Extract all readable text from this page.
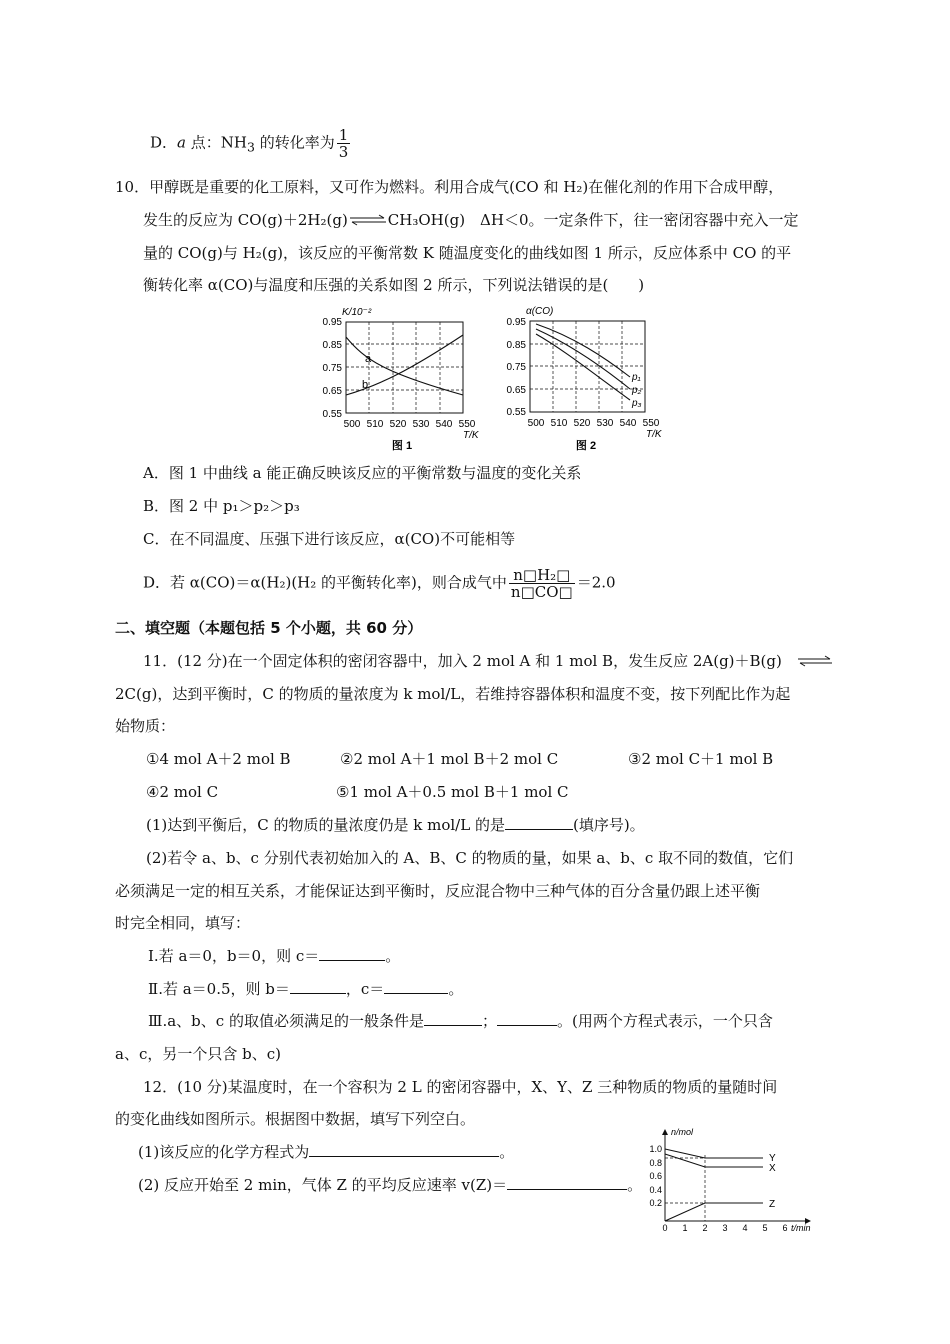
D．a 点：$NH_3$ 的转化率为 $\frac{1}{3}$
10．甲醇既是重要的化工原料，又可作为燃料。利用合成气(CO 和 H₂)在催化剂的作用下合成甲醇，
发生的反应为 CO(g)＋2H₂(g)⇌CH₃OH(g)　ΔH＜0。一定条件下，往一密闭容器中充入一定
量的 CO(g)与 H₂(g)，该反应的平衡常数 K 随温度变化的曲线如图 1 所示，反应体系中 CO 的平
衡转化率 α(CO)与温度和压强的关系如图 2 所示，下列说法错误的是(　　)
a
b
K/10⁻²
0.95
0.85
0.75
0.65
0.55
500 510 520 530 540 550
T/K
图 1
p₁
p₂
p₃
α(CO)
0.95
0.85
0.75
0.65
0.55
500 510 520 530 540 550
T/K
图 2
A．图 1 中曲线 a 能正确反映该反应的平衡常数与温度的变化关系
B．图 2 中 p₁＞p₂＞p₃
C．在不同温度、压强下进行该反应，α(CO)不可能相等
D．若 α(CO)＝α(H₂)(H₂ 的平衡转化率)，则合成气中 $\frac{\text{n□H₂□}}{n□CO□} =2.0$
二、填空题（本题包括 5 个小题，共 60 分）
11．(12 分)在一个固定体积的密闭容器中，加入 2 mol A 和 1 mol B，发生反应 2A(g)＋B(g) ⇌
2C(g)，达到平衡时，C 的物质的量浓度为 k mol/L，若维持容器体积和温度不变，按下列配比作为起
始物质：
①4 mol A＋2 mol B	②2 mol A＋1 mol B＋2 mol C	③2 mol C＋1 mol B
④2 mol C	⑤1 mol A＋0.5 mol B＋1 mol C
(1)达到平衡后，C 的物质的量浓度仍是 k mol/L 的是	(填序号)。
(2)若令 a、b、c 分别代表初始加入的 A、B、C 的物质的量，如果 a、b、c 取不同的数值，它们
必须满足一定的相互关系，才能保证达到平衡时，反应混合物中三种气体的百分含量仍跟上述平衡
时完全相同，填写：
Ⅰ.若 a＝0，b＝0，则 c＝	。
Ⅱ.若 a＝0.5，则 b＝	，c＝	。
Ⅲ.a、b、c 的取值必须满足的一般条件是	；	。(用两个方程式表示，一个只含
a、c，另一个只含 b、c)
12．(10 分)某温度时，在一个容积为 2 L 的密闭容器中，X、Y、Z 三种物质的物质的量随时间
的变化曲线如图所示。根据图中数据，填写下列空白。
(1)该反应的化学方程式为	。
(2) 反应开始至 2 min，气体 Z 的平均反应速率 v(Z)＝	。
Y
X
Z
n/mol
1.0
0.8
0.6
0.4
0.2
0 1 2 3 4 5 6 t/min
